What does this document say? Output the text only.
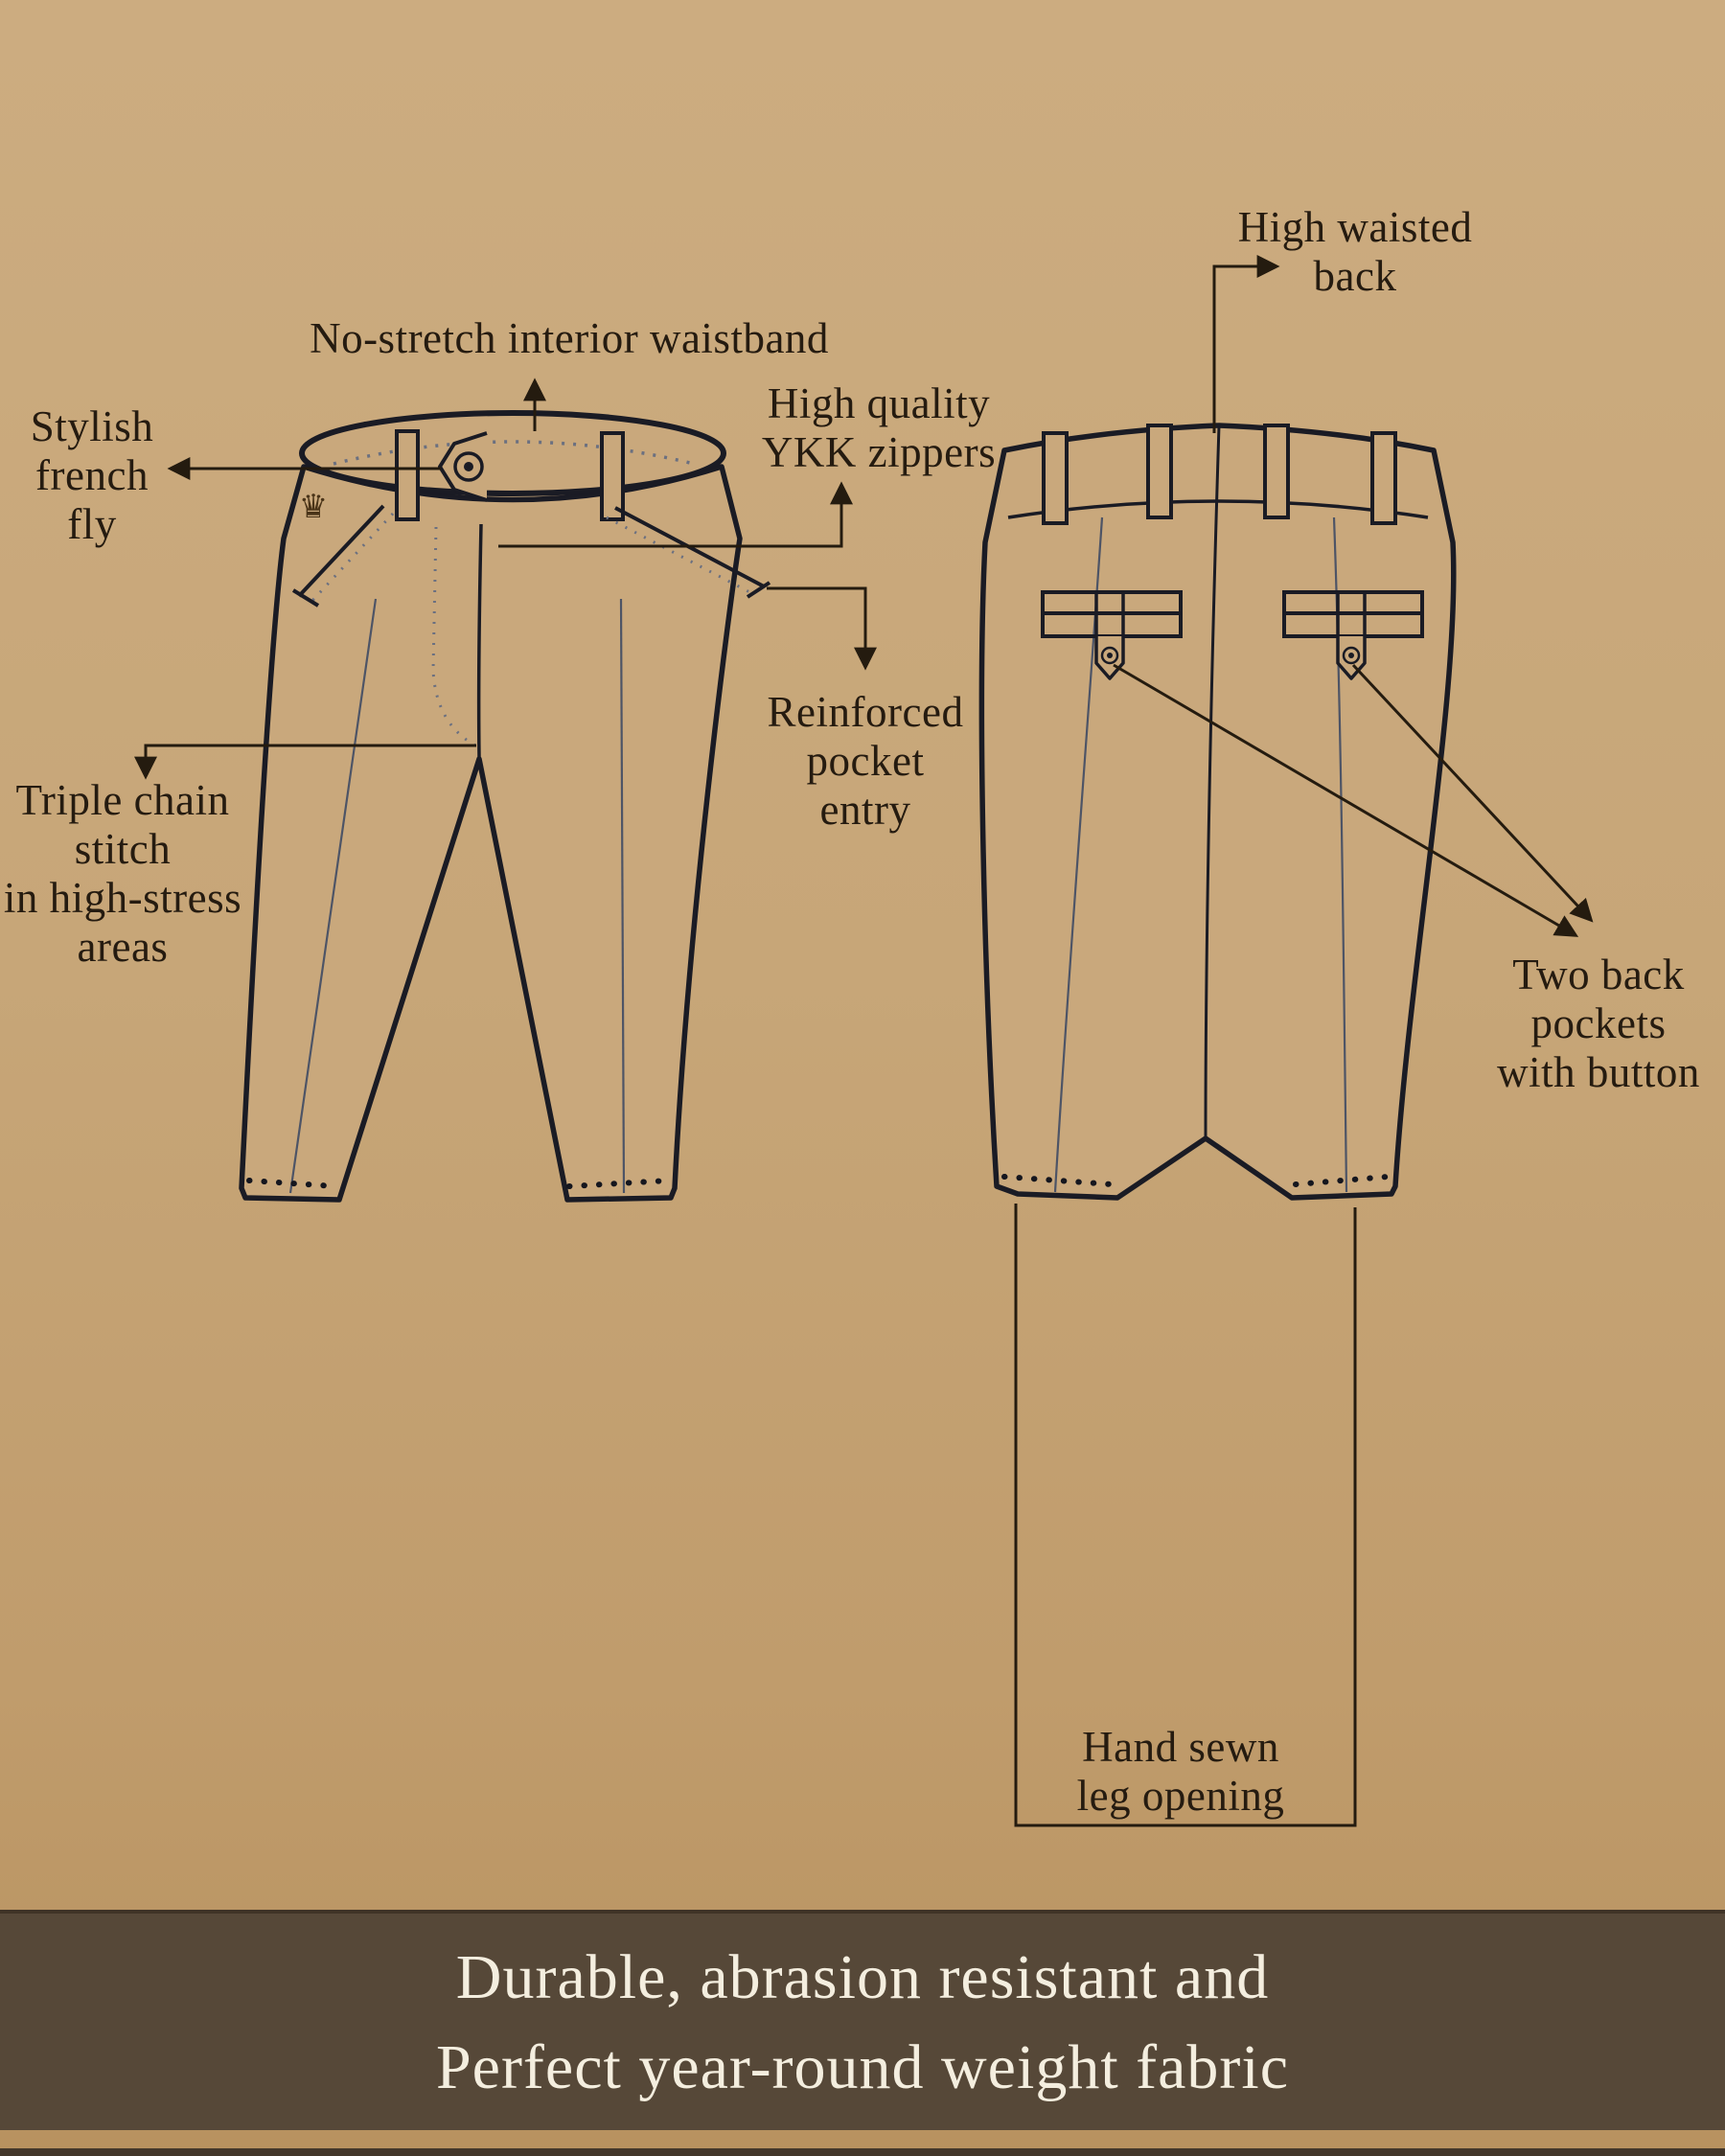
♛
No-stretch interior waistband
Stylish
french
fly
High quality
YKK zippers
Reinforced
pocket
entry
High waisted
back
Triple chain
stitch
in high-stress
areas
Two back
pockets
with button
Hand sewn
leg opening
Durable, abrasion resistant and
Perfect year-round weight fabric
